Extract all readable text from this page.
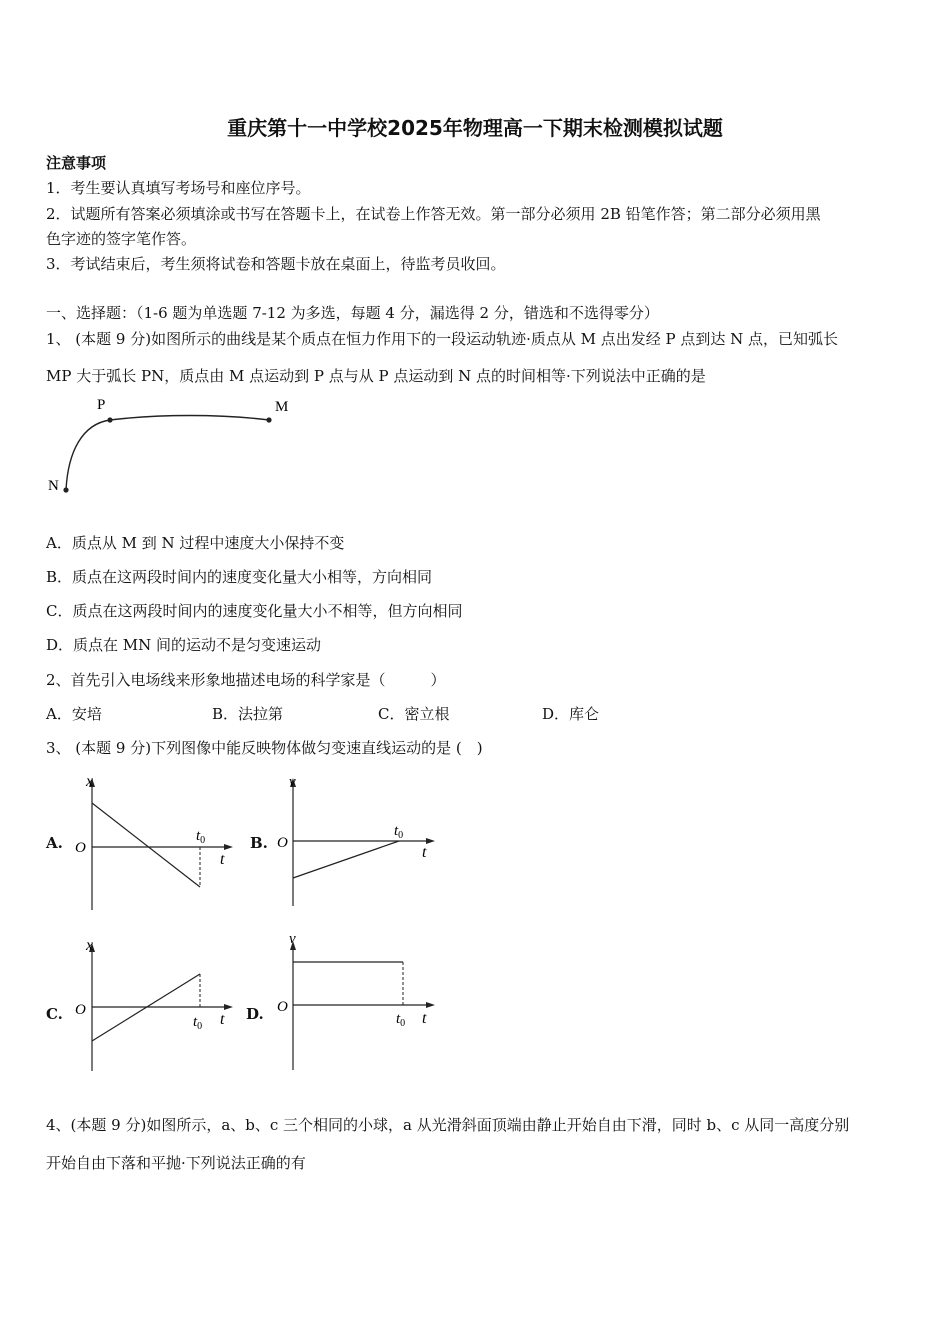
重庆第十一中学校2025年物理高一下期末检测模拟试题
注意事项
1．考生要认真填写考场号和座位序号。
2．试题所有答案必须填涂或书写在答题卡上，在试卷上作答无效。第一部分必须用 2B 铅笔作答；第二部分必须用黑
色字迹的签字笔作答。
3．考试结束后，考生须将试卷和答题卡放在桌面上，待监考员收回。
一、选择题：（1-6 题为单选题 7-12 为多选，每题 4 分，漏选得 2 分，错选和不选得零分）
1、 (本题 9 分)如图所示的曲线是某个质点在恒力作用下的一段运动轨迹·质点从 M 点出发经 P 点到达 N 点，已知弧长
MP 大于弧长 PN，质点由 M 点运动到 P 点与从 P 点运动到 N 点的时间相等·下列说法中正确的是
P	M
N
A．质点从 M 到 N 过程中速度大小保持不变
B．质点在这两段时间内的速度变化量大小相等，方向相同
C．质点在这两段时间内的速度变化量大小不相等，但方向相同
D．质点在 MN 间的运动不是匀变速运动
2、首先引入电场线来形象地描述电场的科学家是（　　　）
A．安培	B．法拉第	C．密立根	D．库仑
3、 (本题 9 分)下列图像中能反映物体做匀变速直线运动的是 (　)
A.
x
O
t
$t_0$	B.
v
O
t
$t_0$
C.
x
O
t
$t_0$
D.
v
O
t
$t_0$
4、(本题 9 分)如图所示，a、b、c 三个相同的小球，a 从光滑斜面顶端由静止开始自由下滑，同时 b、c 从同一高度分别
开始自由下落和平抛·下列说法正确的有
